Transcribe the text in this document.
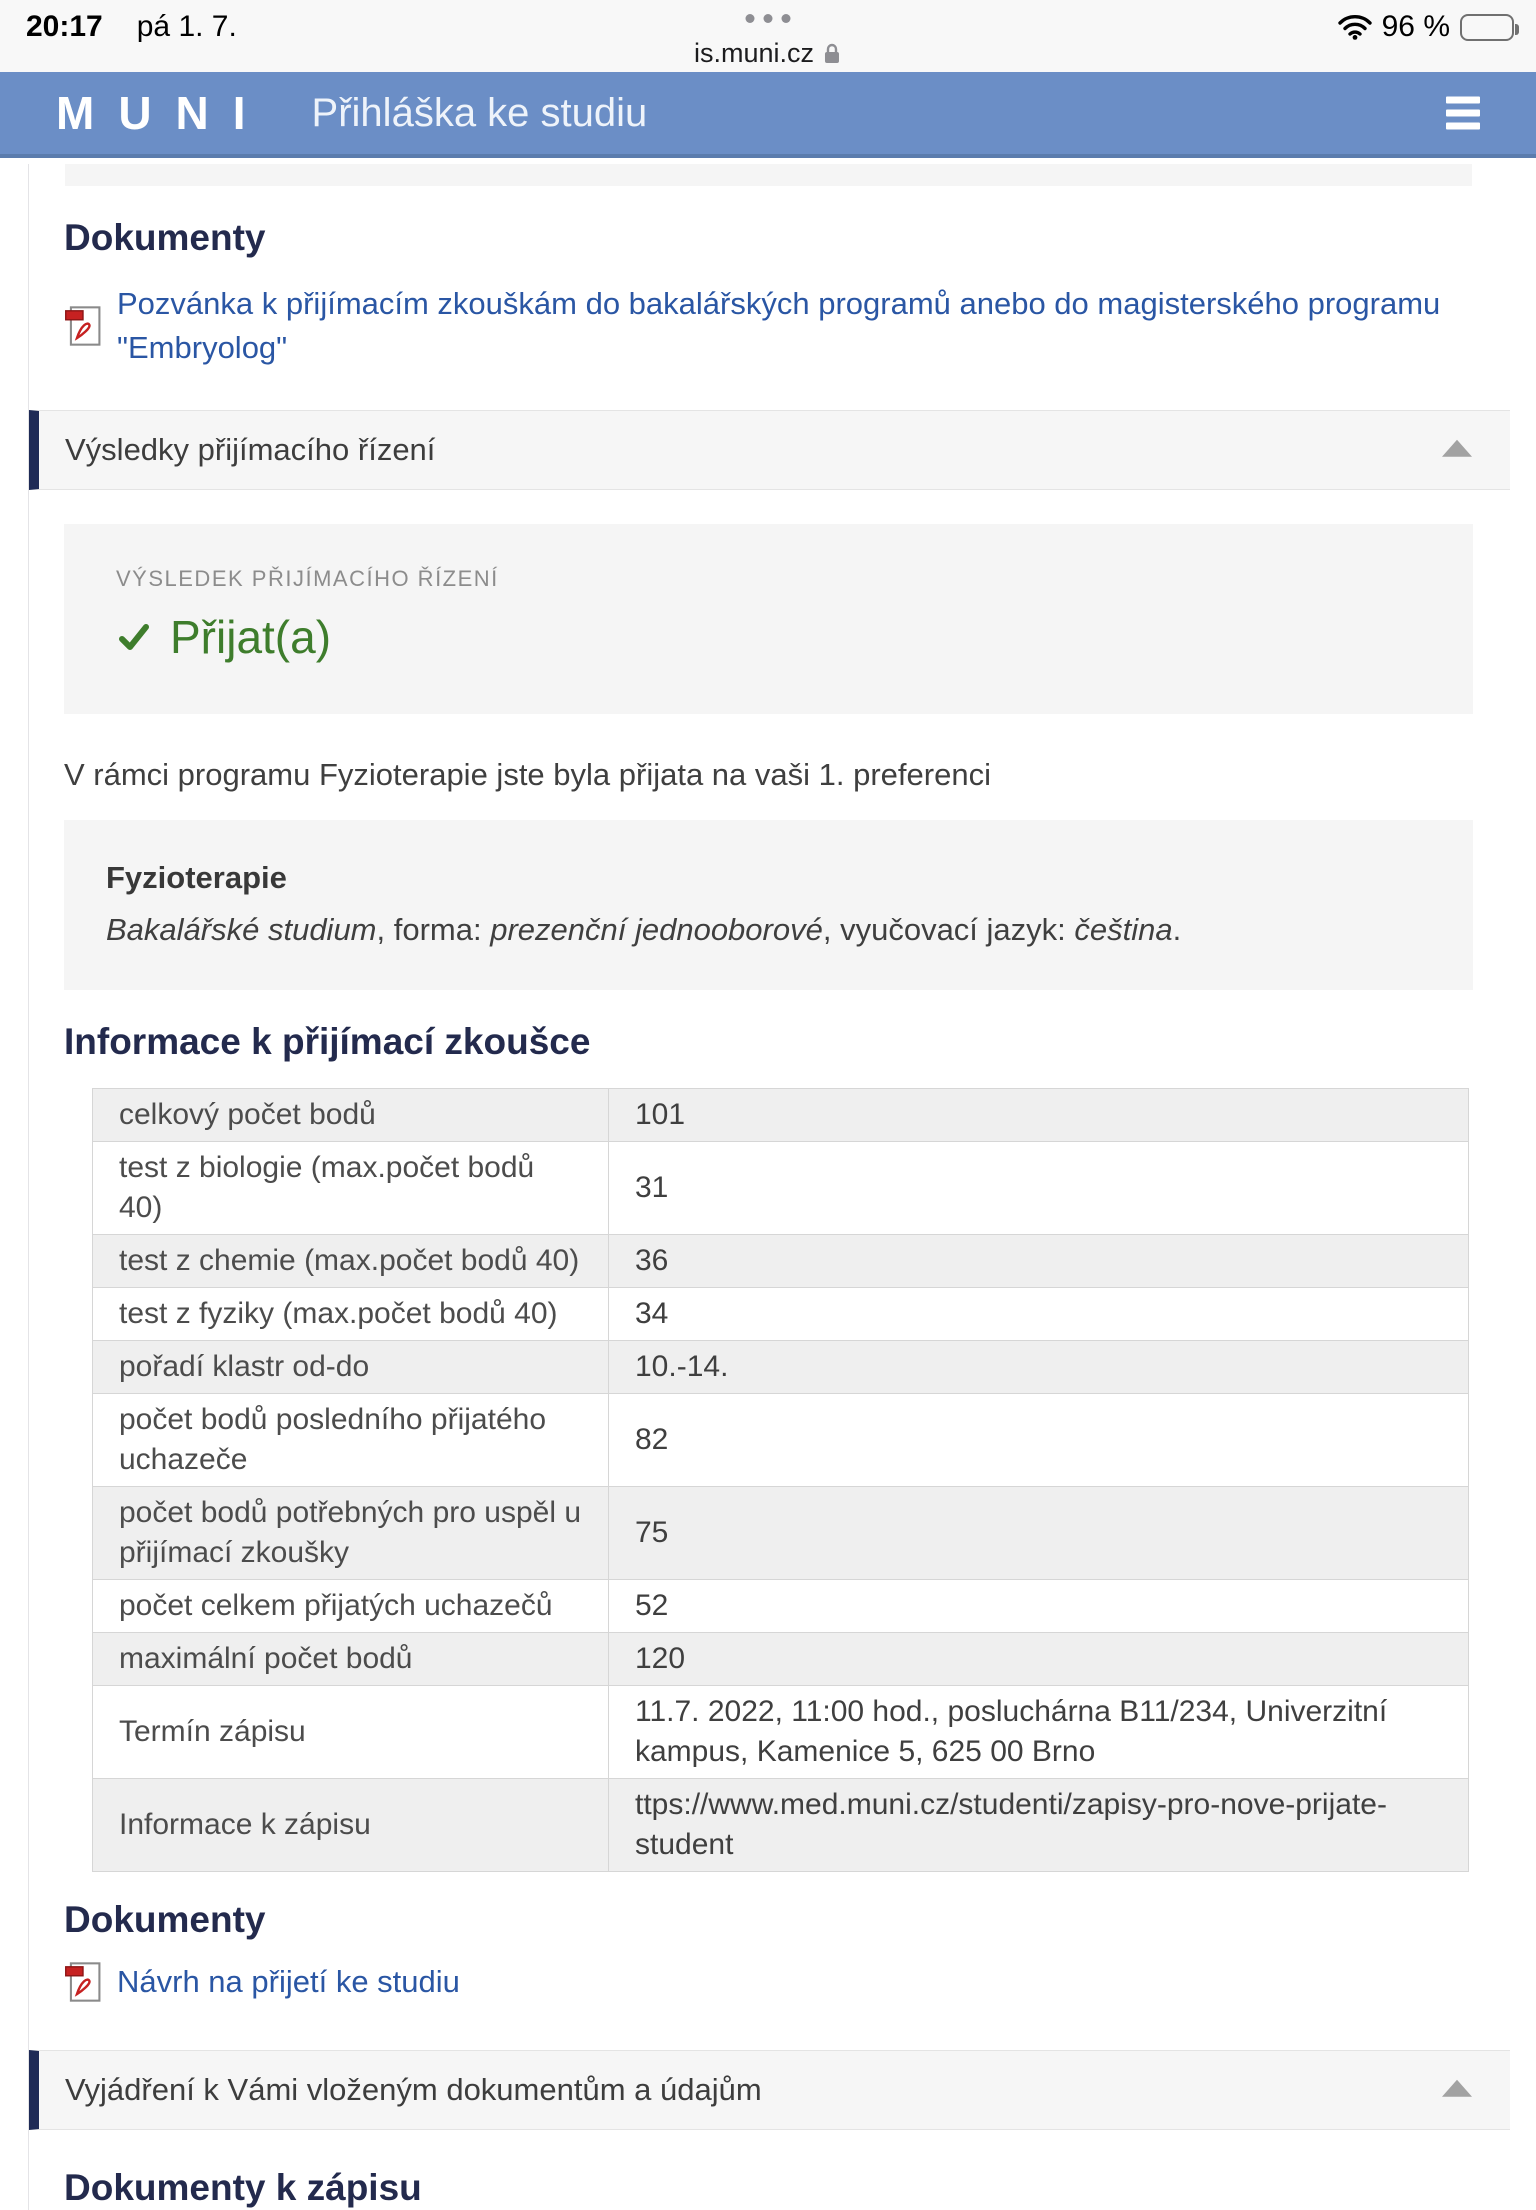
20:17 pá 1. 7.
is.muni.cz
96 %
MUNI Přihláška ke studiu
Dokumenty
Pozvánka k přijímacím zkouškám do bakalářských programů anebo do magisterského programu "Embryolog"
Výsledky přijímacího řízení
VÝSLEDEK PŘIJÍMACÍHO ŘÍZENÍ
Přijat(a)

V rámci programu Fyzioterapie jste byla přijata na vaši 1. preferenci

Fyzioterapie
Bakalářské studium, forma: prezenční jednooborové, vyučovací jazyk: čeština.
Informace k přijímací zkoušce
celkový počet bodů	101
test z biologie (max.počet bodů 40)	31
test z chemie (max.počet bodů 40)	36
test z fyziky (max.počet bodů 40)	34
pořadí klastr od-do	10.-14.
počet bodů posledního přijatého uchazeče	82
počet bodů potřebných pro uspěl u přijímací zkoušky	75
počet celkem přijatých uchazečů	52
maximální počet bodů	120
Termín zápisu	11.7. 2022, 11:00 hod., posluchárna B11/234, Univerzitní kampus, Kamenice 5, 625 00 Brno
Informace k zápisu	ttps://www.med.muni.cz/studenti/zapisy-pro-nove-prijate-student
Dokumenty
Návrh na přijetí ke studiu
Vyjádření k Vámi vloženým dokumentům a údajům
Dokumenty k zápisu
